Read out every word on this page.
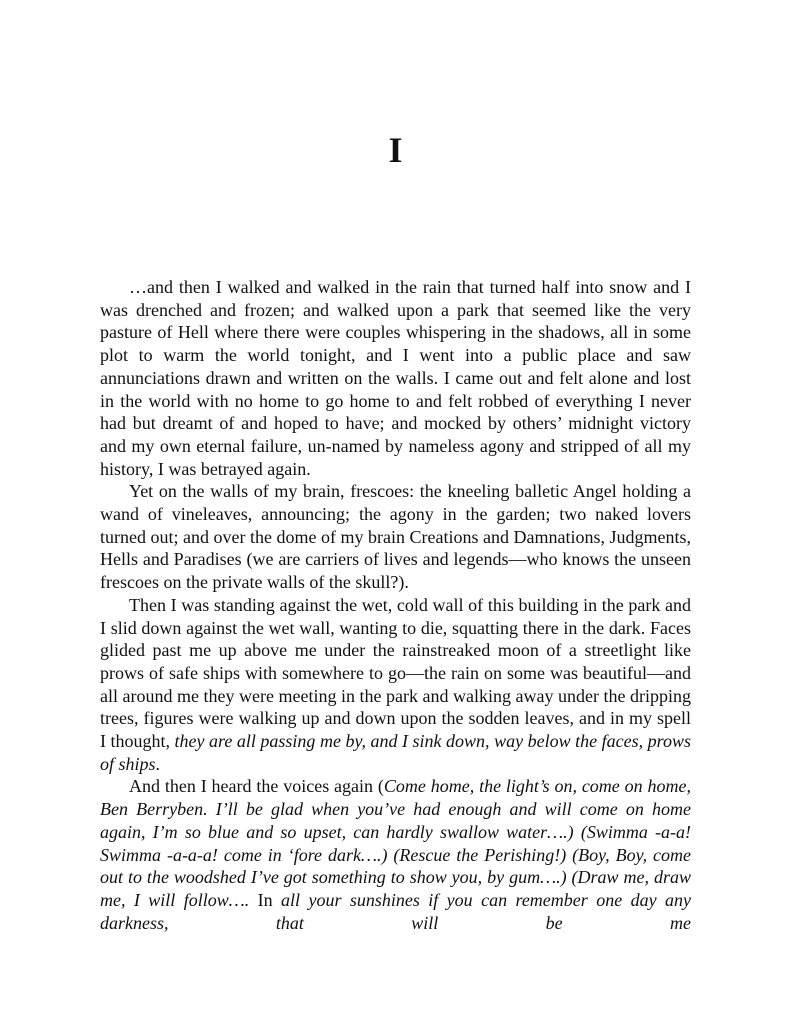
I

…and then I walked and walked in the rain that turned half into snow and I was drenched and frozen; and walked upon a park that seemed like the very pasture of Hell where there were couples whispering in the shadows, all in some plot to warm the world tonight, and I went into a public place and saw annunciations drawn and written on the walls. I came out and felt alone and lost in the world with no home to go home to and felt robbed of everything I never had but dreamt of and hoped to have; and mocked by others’ midnight victory and my own eternal failure, un-named by nameless agony and stripped of all my history, I was betrayed again.

Yet on the walls of my brain, frescoes: the kneeling balletic Angel holding a wand of vineleaves, announcing; the agony in the garden; two naked lovers turned out; and over the dome of my brain Creations and Damnations, Judgments, Hells and Paradises (we are carriers of lives and legends—who knows the unseen frescoes on the private walls of the skull?).

Then I was standing against the wet, cold wall of this building in the park and I slid down against the wet wall, wanting to die, squatting there in the dark. Faces glided past me up above me under the rainstreaked moon of a streetlight like prows of safe ships with somewhere to go—the rain on some was beautiful—and all around me they were meeting in the park and walking away under the dripping trees, figures were walking up and down upon the sodden leaves, and in my spell I thought, they are all passing me by, and I sink down, way below the faces, prows of ships.

And then I heard the voices again (Come home, the light’s on, come on home, Ben Berryben. I’ll be glad when you’ve had enough and will come on home again, I’m so blue and so upset, can hardly swallow water….) (Swimma -a-a! Swimma -a-a-a! come in ‘fore dark….) (Rescue the Perishing!) (Boy, Boy, come out to the woodshed I’ve got something to show you, by gum….) (Draw me, draw me, I will follow…. In all your sunshines if you can remember one day any darkness, that will be me
